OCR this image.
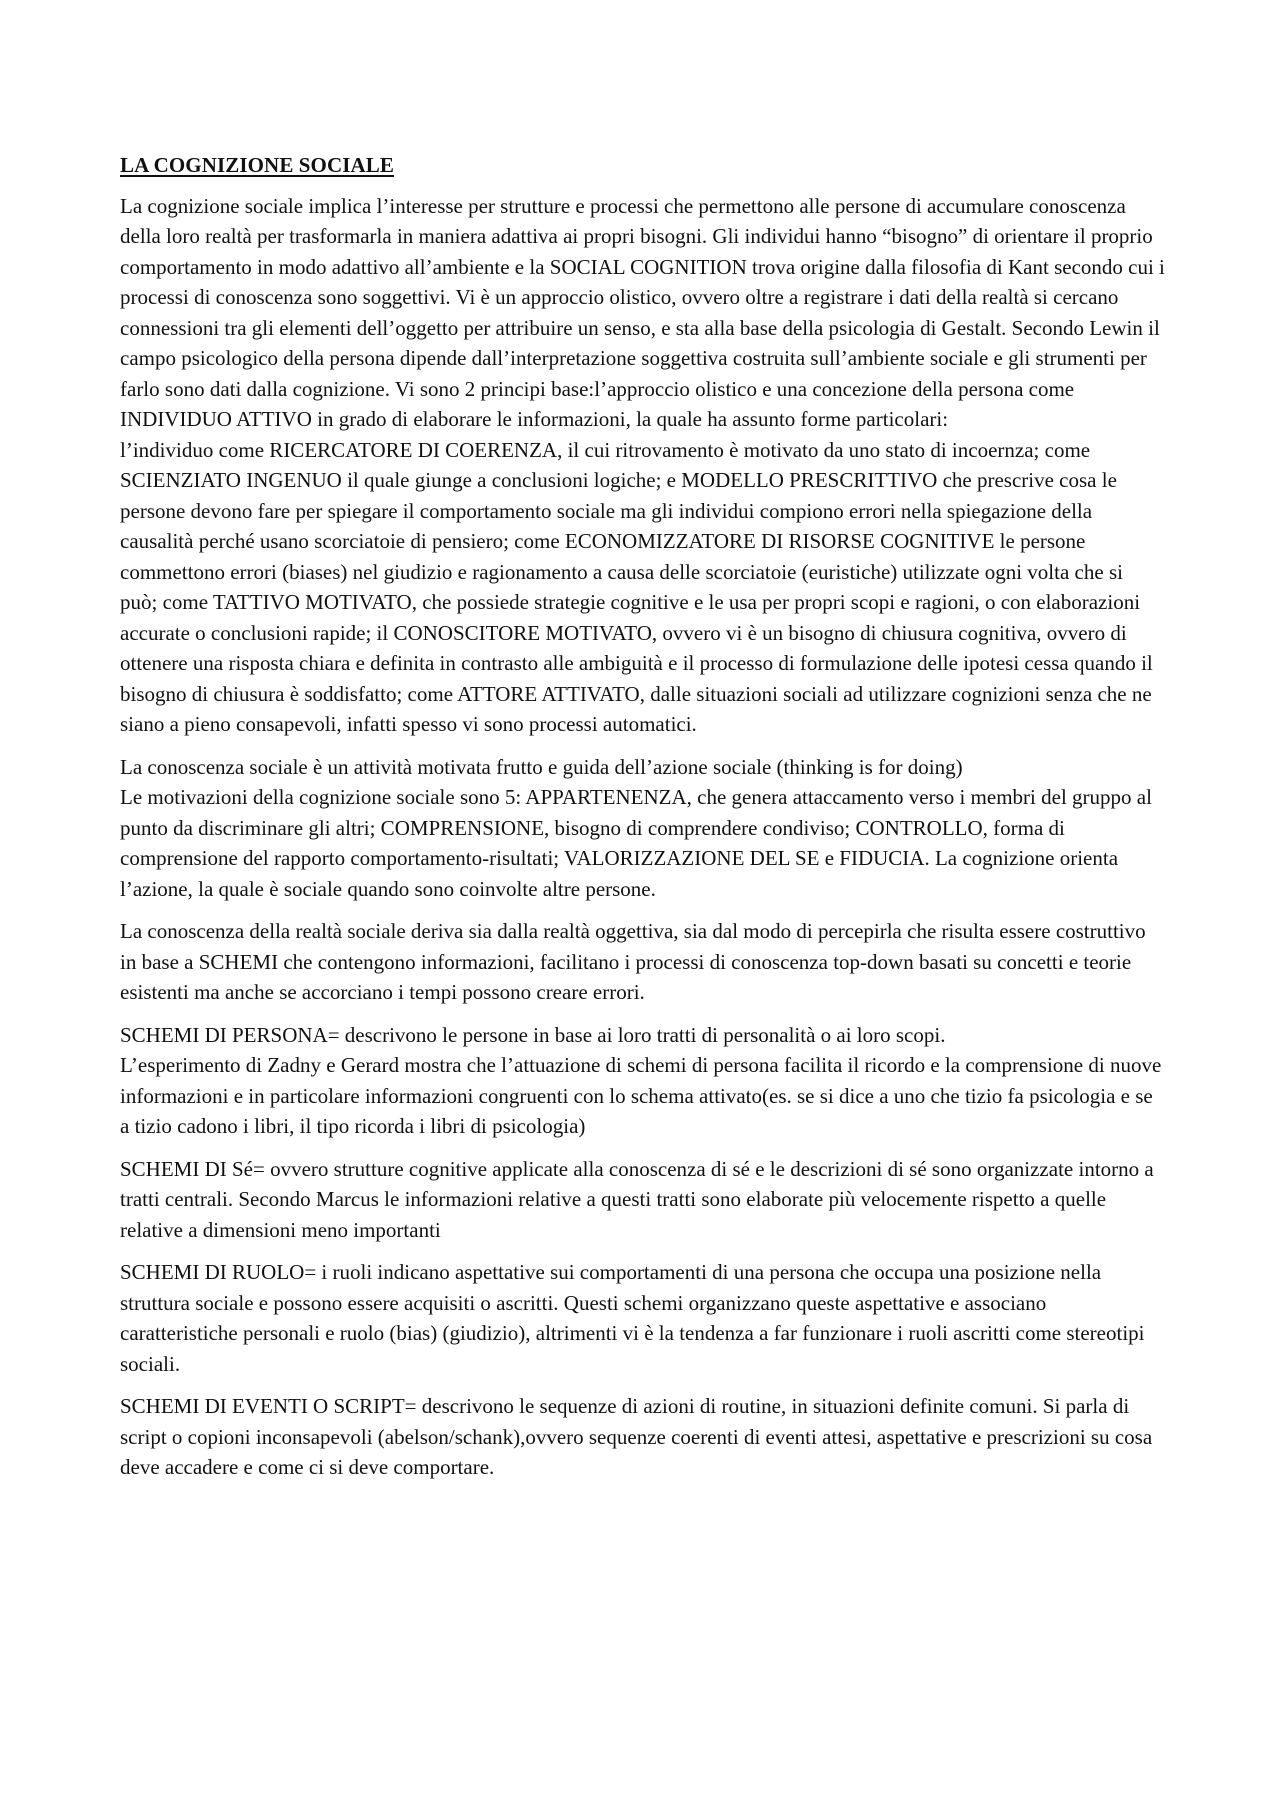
LA COGNIZIONE SOCIALE

La cognizione sociale implica l’interesse per strutture e processi che permettono alle persone di accumulare conoscenza della loro realtà per trasformarla in maniera adattiva ai propri bisogni. Gli individui hanno “bisogno” di orientare il proprio comportamento in modo adattivo all’ambiente e la SOCIAL COGNITION trova origine dalla filosofia di Kant secondo cui i processi di conoscenza sono soggettivi. Vi è un approccio olistico, ovvero oltre a registrare i dati della realtà si cercano connessioni tra gli elementi dell’oggetto per attribuire un senso, e sta alla base della psicologia di Gestalt. Secondo Lewin il campo psicologico della persona dipende dall’interpretazione soggettiva costruita sull’ambiente sociale e gli strumenti per farlo sono dati dalla cognizione. Vi sono 2 principi base:l’approccio olistico e una concezione della persona come INDIVIDUO ATTIVO in grado di elaborare le informazioni, la quale ha assunto forme particolari:
l’individuo come RICERCATORE DI COERENZA, il cui ritrovamento è motivato da uno stato di incoernza; come SCIENZIATO INGENUO il quale giunge a conclusioni logiche; e MODELLO PRESCRITTIVO che prescrive cosa le persone devono fare per spiegare il comportamento sociale ma gli individui compiono errori nella spiegazione della causalità perché usano scorciatoie di pensiero; come ECONOMIZZATORE DI RISORSE COGNITIVE le persone commettono errori (biases) nel giudizio e ragionamento a causa delle scorciatoie (euristiche) utilizzate ogni volta che si può; come TATTIVO MOTIVATO, che possiede strategie cognitive e le usa per propri scopi e ragioni, o con elaborazioni accurate o conclusioni rapide; il CONOSCITORE MOTIVATO, ovvero vi è un bisogno di chiusura cognitiva, ovvero di ottenere una risposta chiara e definita in contrasto alle ambiguità e il processo di formulazione delle ipotesi cessa quando il bisogno di chiusura è soddisfatto; come ATTORE ATTIVATO, dalle situazioni sociali ad utilizzare cognizioni senza che ne siano a pieno consapevoli, infatti spesso vi sono processi automatici.

La conoscenza sociale è un attività motivata frutto e guida dell’azione sociale (thinking is for doing)
Le motivazioni della cognizione sociale sono 5: APPARTENENZA, che genera attaccamento verso i membri del gruppo al punto da discriminare gli altri; COMPRENSIONE, bisogno di comprendere condiviso; CONTROLLO, forma di comprensione del rapporto comportamento-risultati; VALORIZZAZIONE DEL SE e FIDUCIA. La cognizione orienta l’azione, la quale è sociale quando sono coinvolte altre persone.

La conoscenza della realtà sociale deriva sia dalla realtà oggettiva, sia dal modo di percepirla che risulta essere costruttivo in base a SCHEMI che contengono informazioni, facilitano i processi di conoscenza top-down basati su concetti e teorie esistenti ma anche se accorciano i tempi possono creare errori.

SCHEMI DI PERSONA= descrivono le persone in base ai loro tratti di personalità o ai loro scopi.
L’esperimento di Zadny e Gerard mostra che l’attuazione di schemi di persona facilita il ricordo e la comprensione di nuove informazioni e in particolare informazioni congruenti con lo schema attivato(es. se si dice a uno che tizio fa psicologia e se a tizio cadono i libri, il tipo ricorda i libri di psicologia)

SCHEMI DI Sé= ovvero strutture cognitive applicate alla conoscenza di sé e le descrizioni di sé sono organizzate intorno a tratti centrali. Secondo Marcus le informazioni relative a questi tratti sono elaborate più velocemente rispetto a quelle relative a dimensioni meno importanti

SCHEMI DI RUOLO= i ruoli indicano aspettative sui comportamenti di una persona che occupa una posizione nella struttura sociale e possono essere acquisiti o ascritti. Questi schemi organizzano queste aspettative e associano caratteristiche personali e ruolo (bias) (giudizio), altrimenti vi è la tendenza a far funzionare i ruoli ascritti come stereotipi sociali.

SCHEMI DI EVENTI O SCRIPT= descrivono le sequenze di azioni di routine, in situazioni definite comuni. Si parla di script o copioni inconsapevoli (abelson/schank),ovvero sequenze coerenti di eventi attesi, aspettative e prescrizioni su cosa deve accadere e come ci si deve comportare.
